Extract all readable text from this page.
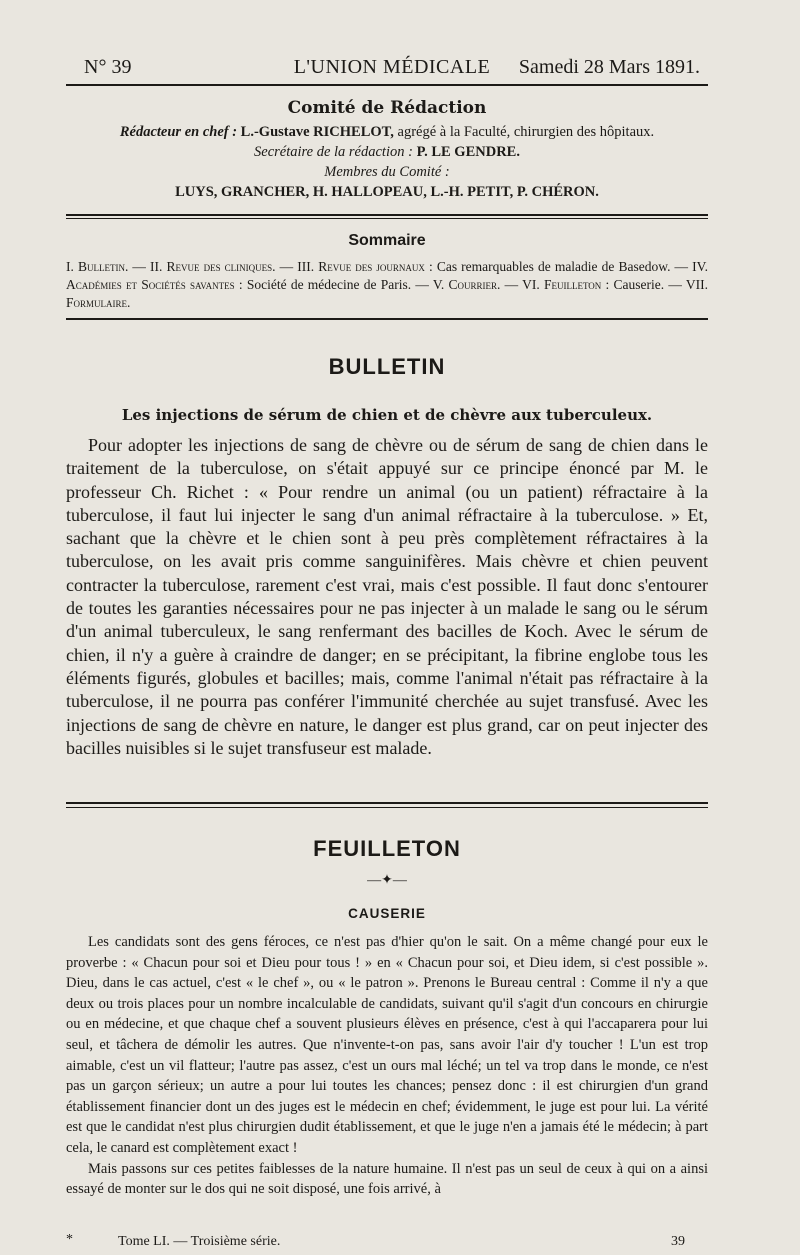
N° 39	L'UNION MÉDICALE	Samedi 28 Mars 1891.
Comité de Rédaction
Rédacteur en chef : L.-Gustave RICHELOT, agrégé à la Faculté, chirurgien des hôpitaux.
Secrétaire de la rédaction : P. LE GENDRE.
Membres du Comité :
LUYS, GRANCHER, H. HALLOPEAU, L.-H. PETIT, P. CHÉRON.
Sommaire
I. Bulletin. — II. Revue des cliniques. — III. Revue des journaux : Cas remarquables de maladie de Basedow. — IV. Académies et Sociétés savantes : Société de médecine de Paris. — V. Courrier. — VI. Feuilleton : Causerie. — VII. Formulaire.
BULLETIN
Les injections de sérum de chien et de chèvre aux tuberculeux.
Pour adopter les injections de sang de chèvre ou de sérum de sang de chien dans le traitement de la tuberculose, on s'était appuyé sur ce principe énoncé par M. le professeur Ch. Richet : « Pour rendre un animal (ou un patient) réfractaire à la tuberculose, il faut lui injecter le sang d'un animal réfractaire à la tuberculose. » Et, sachant que la chèvre et le chien sont à peu près complètement réfractaires à la tuberculose, on les avait pris comme sanguinifères. Mais chèvre et chien peuvent contracter la tuberculose, rarement c'est vrai, mais c'est possible. Il faut donc s'entourer de toutes les garanties nécessaires pour ne pas injecter à un malade le sang ou le sérum d'un animal tuberculeux, le sang renfermant des bacilles de Koch. Avec le sérum de chien, il n'y a guère à craindre de danger; en se précipitant, la fibrine englobe tous les éléments figurés, globules et bacilles; mais, comme l'animal n'était pas réfractaire à la tuberculose, il ne pourra pas conférer l'immunité cherchée au sujet transfusé. Avec les injections de sang de chèvre en nature, le danger est plus grand, car on peut injecter des bacilles nuisibles si le sujet transfuseur est malade.
FEUILLETON
—✦—
CAUSERIE

Les candidats sont des gens féroces, ce n'est pas d'hier qu'on le sait. On a même changé pour eux le proverbe : « Chacun pour soi et Dieu pour tous ! » en « Chacun pour soi, et Dieu idem, si c'est possible ». Dieu, dans le cas actuel, c'est « le chef », ou « le patron ». Prenons le Bureau central : Comme il n'y a que deux ou trois places pour un nombre incalculable de candidats, suivant qu'il s'agit d'un concours en chirurgie ou en médecine, et que chaque chef a souvent plusieurs élèves en présence, c'est à qui l'accaparera pour lui seul, et tâchera de démolir les autres. Que n'invente-t-on pas, sans avoir l'air d'y toucher ! L'un est trop aimable, c'est un vil flatteur; l'autre pas assez, c'est un ours mal léché; un tel va trop dans le monde, ce n'est pas un garçon sérieux; un autre a pour lui toutes les chances; pensez donc : il est chirurgien d'un grand établissement financier dont un des juges est le médecin en chef; évidemment, le juge est pour lui. La vérité est que le candidat n'est plus chirurgien dudit établissement, et que le juge n'en a jamais été le médecin; à part cela, le canard est complètement exact !

Mais passons sur ces petites faiblesses de la nature humaine. Il n'est pas un seul de ceux à qui on a ainsi essayé de monter sur le dos qui ne soit disposé, une fois arrivé, à

*	Tome LI. — Troisième série.	39
